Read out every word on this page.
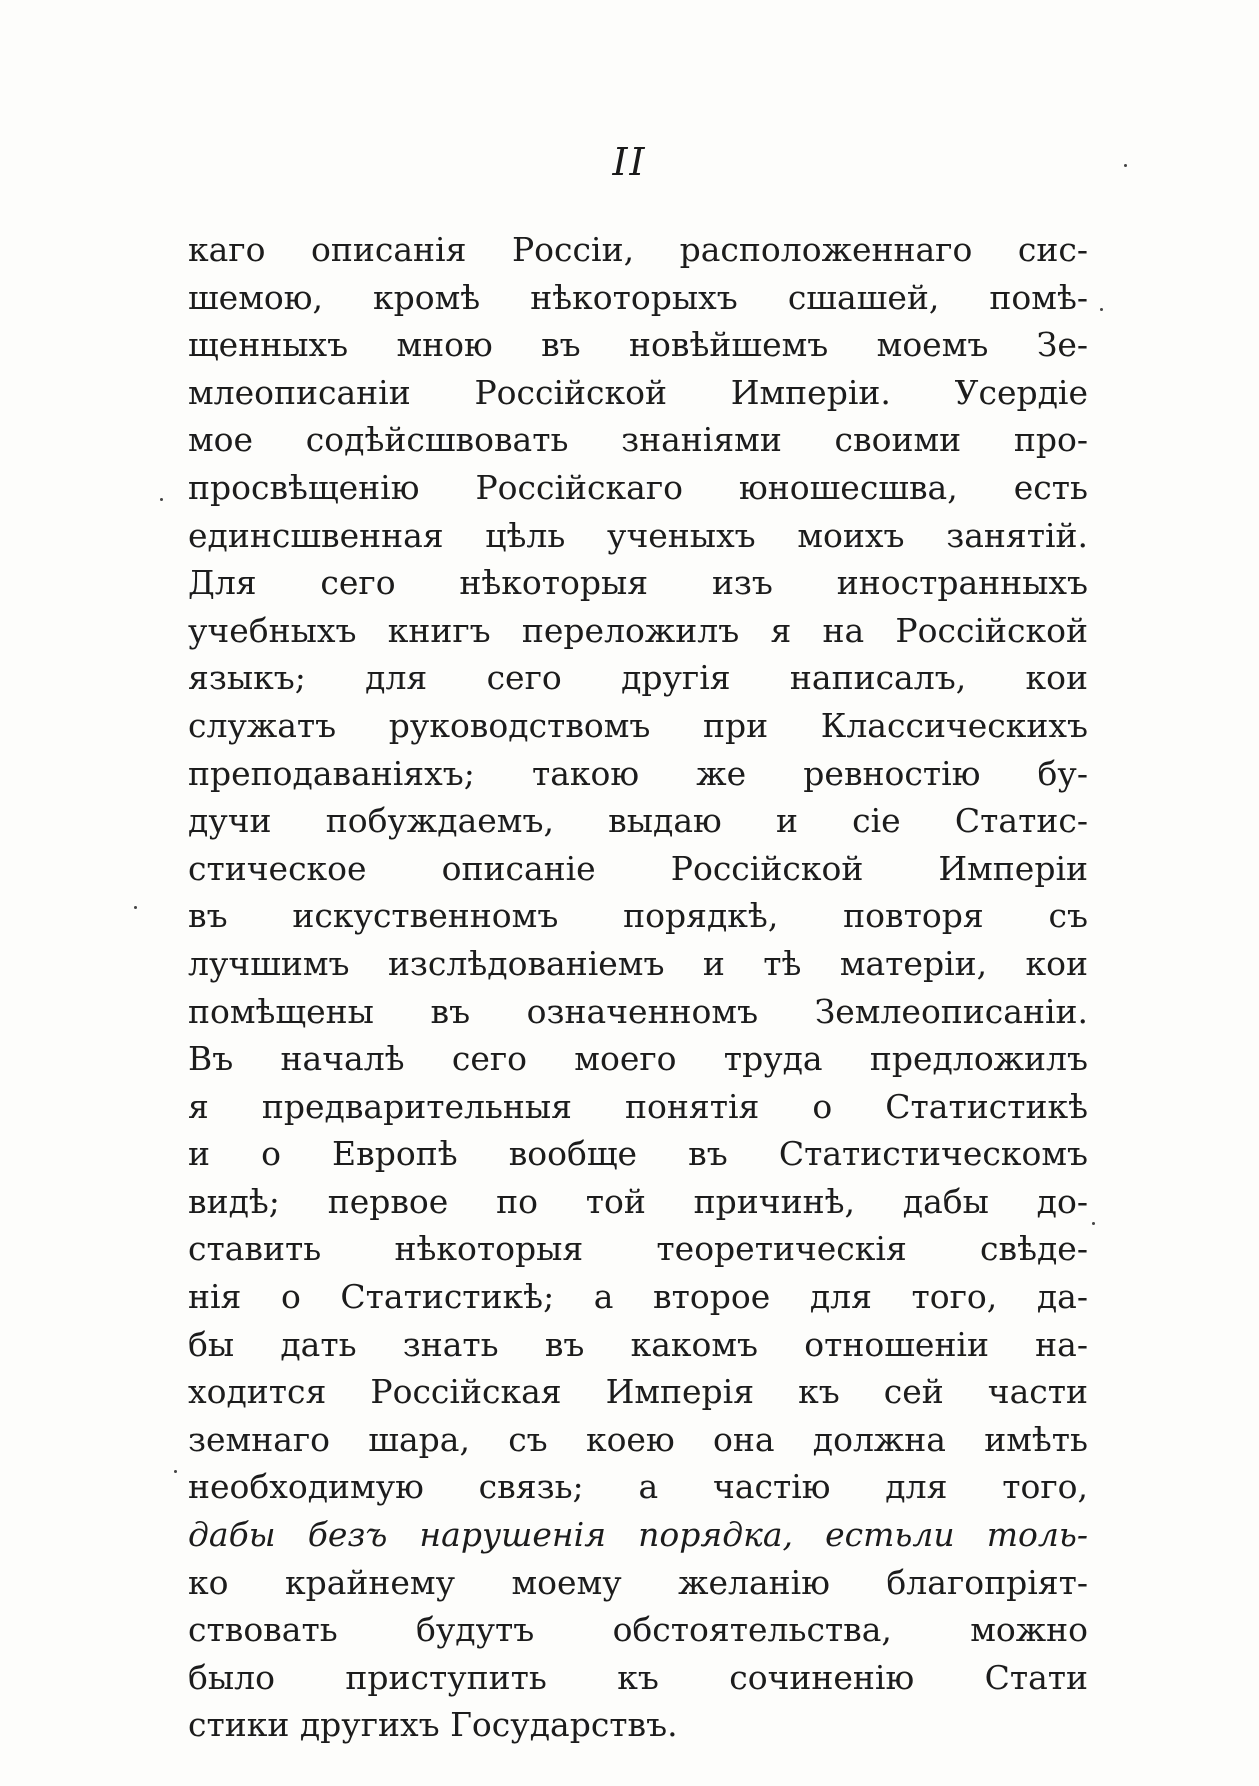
II
каго описанія Россіи, расположеннаго сис-
шемою, кромѣ нѣкоторыхъ сшашей, помѣ-
щенныхъ мною въ новѣйшемъ моемъ Зе-
млеописаніи Россійской Имперіи. Усердіе
мое содѣйсшвовать знаніями своими про-
просвѣщенію Россійскаго юношесшва, есть
единсшвенная цѣль ученыхъ моихъ занятій.
Для сего нѣкоторыя изъ иностранныхъ
учебныхъ книгъ переложилъ я на Россійской
языкъ; для сего другія написалъ, кои
служатъ руководствомъ при Классическихъ
преподаваніяхъ; такою же ревностію бу-
дучи побуждаемъ, выдаю и сіе Статис-
стическое описаніе Россійской Имперіи
въ искуственномъ порядкѣ, повторя съ
лучшимъ изслѣдованіемъ и тѣ матеріи, кои
помѣщены въ означенномъ Землеописаніи.
Въ началѣ сего моего труда предложилъ
я предварительныя понятія о Статистикѣ
и о Европѣ вообще въ Статистическомъ
видѣ; первое по той причинѣ, дабы до-
ставить нѣкоторыя теоретическія свѣде-
нія о Статистикѣ; а второе для того, да-
бы дать знать въ какомъ отношеніи на-
ходится Россійская Имперія къ сей части
земнаго шара, съ коею она должна имѣть
необходимую связь; а частію для того,
дабы безъ нарушенія порядка, естьли толь-
ко крайнему моему желанію благопріят-
ствовать будутъ обстоятельства, можно
было приступить къ сочиненію Стати
стики другихъ Государствъ.
